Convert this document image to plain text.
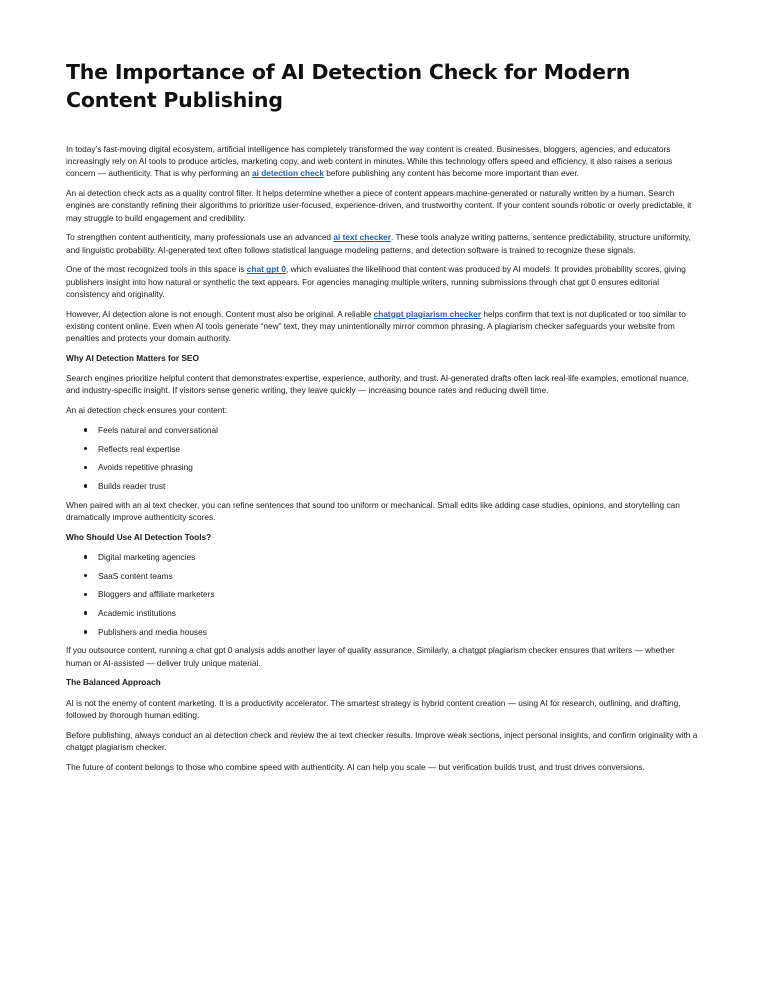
The Importance of AI Detection Check for Modern Content Publishing

In today’s fast-moving digital ecosystem, artificial intelligence has completely transformed the way content is created. Businesses, bloggers, agencies, and educators increasingly rely on AI tools to produce articles, marketing copy, and web content in minutes. While this technology offers speed and efficiency, it also raises a serious concern — authenticity. That is why performing an ai detection check before publishing any content has become more important than ever.

An ai detection check acts as a quality control filter. It helps determine whether a piece of content appears machine-generated or naturally written by a human. Search engines are constantly refining their algorithms to prioritize user-focused, experience-driven, and trustworthy content. If your content sounds robotic or overly predictable, it may struggle to build engagement and credibility.

To strengthen content authenticity, many professionals use an advanced ai text checker. These tools analyze writing patterns, sentence predictability, structure uniformity, and linguistic probability. AI-generated text often follows statistical language modeling patterns, and detection software is trained to recognize these signals.

One of the most recognized tools in this space is chat gpt 0, which evaluates the likelihood that content was produced by AI models. It provides probability scores, giving publishers insight into how natural or synthetic the text appears. For agencies managing multiple writers, running submissions through chat gpt 0 ensures editorial consistency and originality.

However, AI detection alone is not enough. Content must also be original. A reliable chatgpt plagiarism checker helps confirm that text is not duplicated or too similar to existing content online. Even when AI tools generate “new” text, they may unintentionally mirror common phrasing. A plagiarism checker safeguards your website from penalties and protects your domain authority.

Why AI Detection Matters for SEO

Search engines prioritize helpful content that demonstrates expertise, experience, authority, and trust. AI-generated drafts often lack real-life examples, emotional nuance, and industry-specific insight. If visitors sense generic writing, they leave quickly — increasing bounce rates and reducing dwell time.

An ai detection check ensures your content:

Feels natural and conversational
Reflects real expertise
Avoids repetitive phrasing
Builds reader trust

When paired with an ai text checker, you can refine sentences that sound too uniform or mechanical. Small edits like adding case studies, opinions, and storytelling can dramatically improve authenticity scores.

Who Should Use AI Detection Tools?

Digital marketing agencies
SaaS content teams
Bloggers and affiliate marketers
Academic institutions
Publishers and media houses

If you outsource content, running a chat gpt 0 analysis adds another layer of quality assurance. Similarly, a chatgpt plagiarism checker ensures that writers — whether human or AI-assisted — deliver truly unique material.

The Balanced Approach

AI is not the enemy of content marketing. It is a productivity accelerator. The smartest strategy is hybrid content creation — using AI for research, outlining, and drafting, followed by thorough human editing.

Before publishing, always conduct an ai detection check and review the ai text checker results. Improve weak sections, inject personal insights, and confirm originality with a chatgpt plagiarism checker.

The future of content belongs to those who combine speed with authenticity. AI can help you scale — but verification builds trust, and trust drives conversions.
